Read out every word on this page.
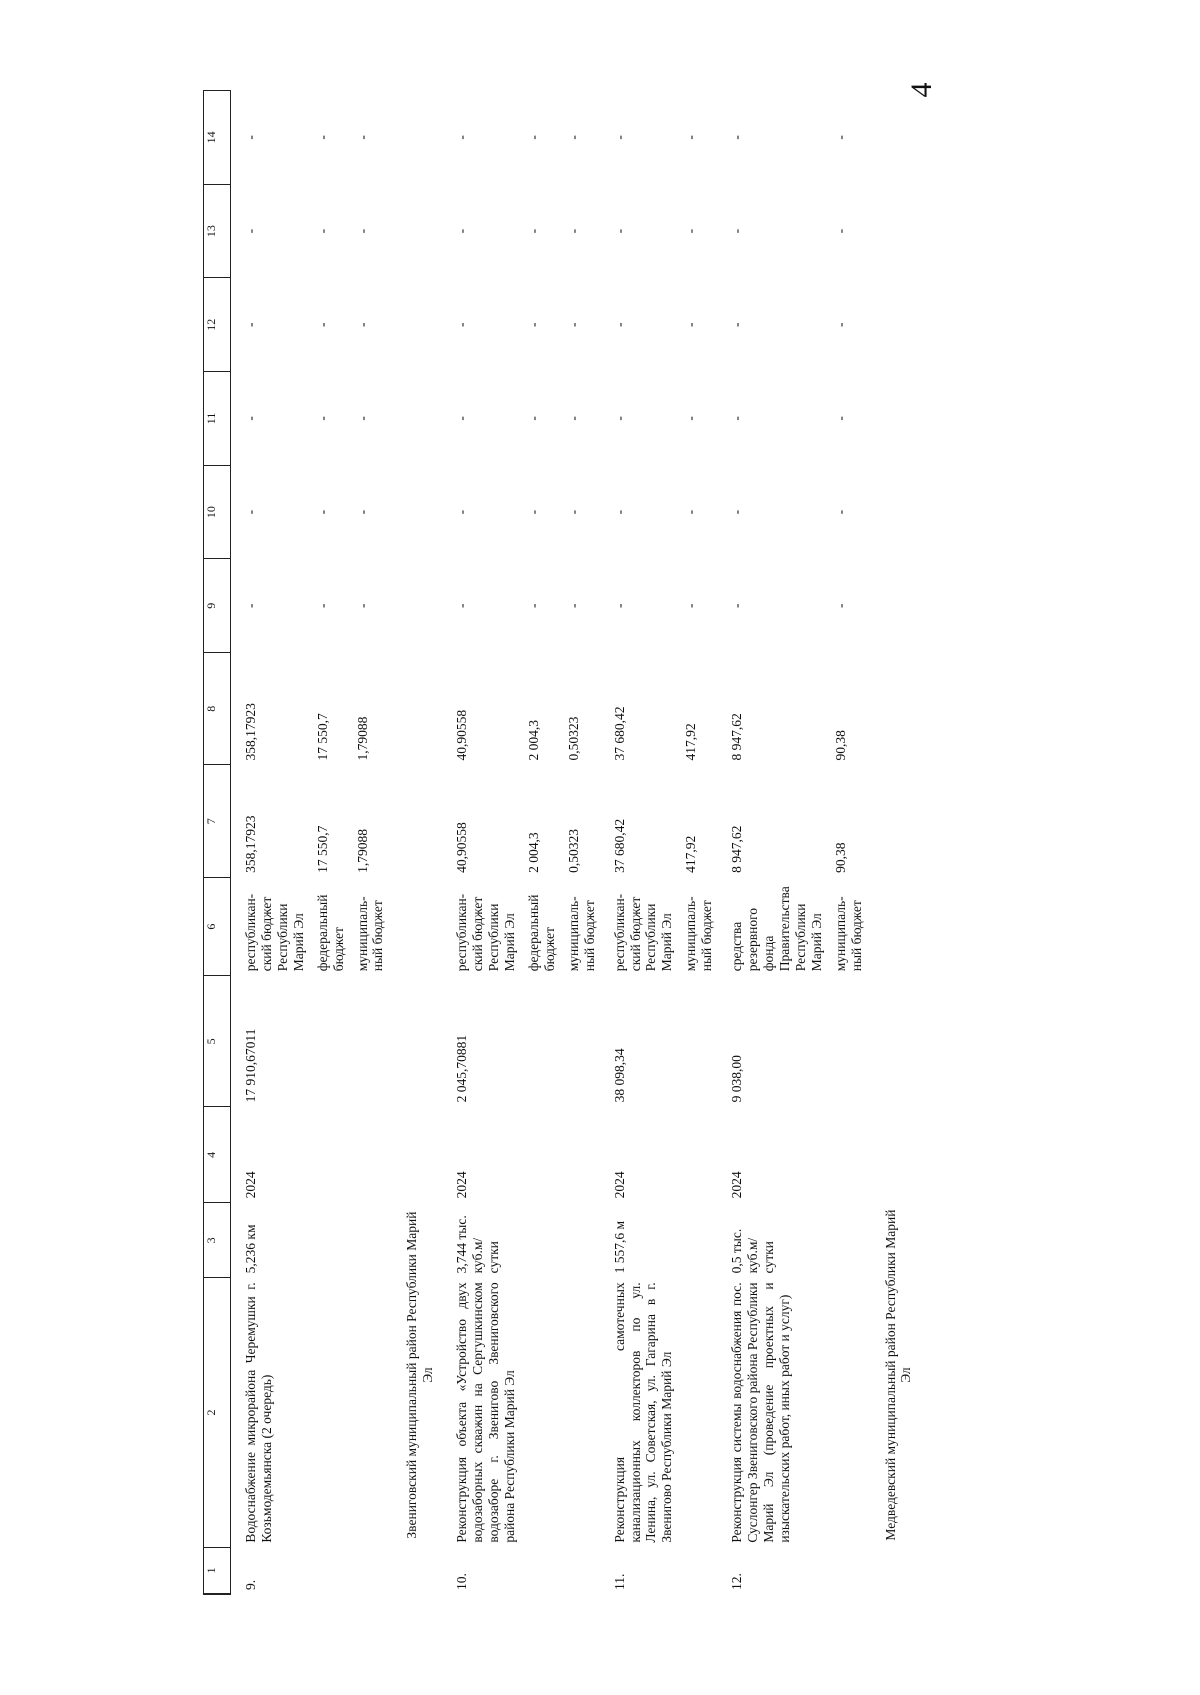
4
1	2	3	4	5	6	7	8	9	10	11	12	13	14
9.	Водоснабжение микрорайона Черемушки г. Козьмодемьянска (2 очередь)	5,236 км	2024	17 910,67011	республикан-ский бюджет Республики Марий Эл	358,17923	358,17923	-	-	-	-	-	-
					федеральный бюджет	17 550,7	17 550,7	-	-	-	-	-	-
					муниципаль-ный бюджет	1,79088	1,79088	-	-	-	-	-	-
	Звениговский муниципальный район Республики Марий Эл												
10.	Реконструкция объекта «Устройство двух водозаборных скважин на Сергушкинском водозаборе г. Звенигово Звениговского района Республики Марий Эл	3,744 тыс. куб.м/сутки	2024	2 045,70881	республикан-ский бюджет Республики Марий Эл	40,90558	40,90558	-	-	-	-	-	-
					федеральный бюджет	2 004,3	2 004,3	-	-	-	-	-	-
					муниципаль-ный бюджет	0,50323	0,50323	-	-	-	-	-	-
11.	Реконструкция самотечных канализационных коллекторов по ул. Ленина, ул. Советская, ул. Гагарина в г. Звенигово Республики Марий Эл	1 557,6 м	2024	38 098,34	республикан-ский бюджет Республики Марий Эл	37 680,42	37 680,42	-	-	-	-	-	-
					муниципаль-ный бюджет	417,92	417,92	-	-	-	-	-	-
12.	Реконструкция системы водоснабжения пос. Суслонгер Звениговского района Республики Марий Эл (проведение проектных и изыскательских работ, иных работ и услуг)	0,5 тыс. куб.м/сутки	2024	9 038,00	средства резервного фонда Правительства Республики Марий Эл	8 947,62	8 947,62	-	-	-	-	-	-
					муниципаль-ный бюджет	90,38	90,38	-	-	-	-	-	-
	Медведевский муниципальный район Республики Марий Эл												
